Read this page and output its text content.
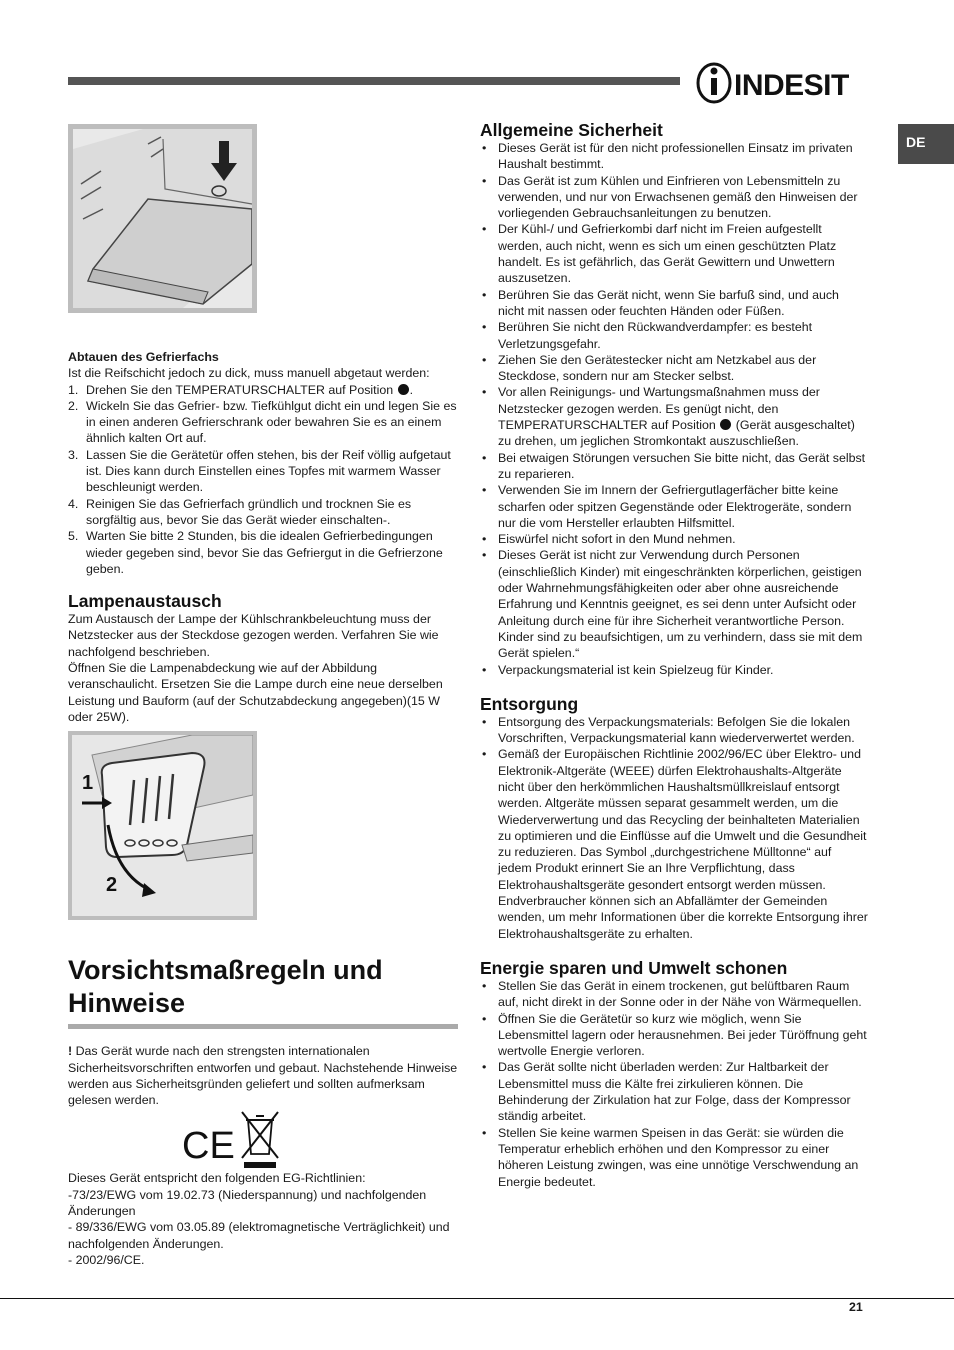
INDESIT
DE
Abtauen des Gefrierfachs
Ist die Reifschicht jedoch zu dick, muss manuell abgetaut werden:
1. Drehen Sie den TEMPERATURSCHALTER auf Position .
2. Wickeln Sie das Gefrier- bzw. Tiefkühlgut dicht ein und legen Sie es in einen anderen Gefrierschrank oder bewahren Sie es an einem ähnlich kalten Ort auf.
3. Lassen Sie die Gerätetür offen stehen, bis der Reif völlig aufgetaut ist. Dies kann durch Einstellen eines Topfes mit warmem Wasser beschleunigt werden.
4. Reinigen Sie das Gefrierfach gründlich und trocknen Sie es sorgfältig aus, bevor Sie das Gerät wieder einschalten-.
5. Warten Sie bitte 2 Stunden, bis die idealen Gefrierbedingungen wieder gegeben sind, bevor Sie das Gefriergut in die Gefrierzone geben.
Lampenaustausch
Zum Austausch der Lampe der Kühlschrankbeleuchtung muss der Netzstecker aus der Steckdose gezogen werden. Verfahren Sie wie nachfolgend beschrieben.
Öffnen Sie die Lampenabdeckung wie auf der Abbildung veranschaulicht. Ersetzen Sie die Lampe durch eine neue derselben Leistung und Bauform (auf der Schutzabdeckung angegeben)(15 W oder 25W).
1
2
Vorsichtsmaßregeln und
Hinweise
! Das Gerät wurde nach den strengsten internationalen Sicherheitsvorschriften entworfen und gebaut. Nachstehende Hinweise werden aus Sicherheitsgründen geliefert und sollten aufmerksam gelesen werden.
CE
Dieses Gerät entspricht den folgenden EG-Richtlinien:
-73/23/EWG vom 19.02.73 (Niederspannung) und nachfolgenden Änderungen
- 89/336/EWG vom 03.05.89 (elektromagnetische Verträglichkeit) und nachfolgenden Änderungen.
- 2002/96/CE.
Allgemeine Sicherheit
• Dieses Gerät ist für den nicht professionellen Einsatz im privaten Haushalt bestimmt.
• Das Gerät ist zum Kühlen und Einfrieren von Lebensmitteln zu verwenden, und nur von Erwachsenen gemäß den Hinweisen der vorliegenden Gebrauchsanleitungen zu benutzen.
• Der Kühl-/ und Gefrierkombi darf nicht im Freien aufgestellt werden, auch nicht, wenn es sich um einen geschützten Platz handelt. Es ist gefährlich, das Gerät Gewittern und Unwettern auszusetzen.
• Berühren Sie das Gerät nicht, wenn Sie barfuß sind, und auch nicht mit nassen oder feuchten Händen oder Füßen.
• Berühren Sie nicht den Rückwandverdampfer: es besteht Verletzungsgefahr.
• Ziehen Sie den Gerätestecker nicht am Netzkabel aus der Steckdose, sondern nur am Stecker selbst.
• Vor allen Reinigungs- und Wartungsmaßnahmen muss der Netzstecker gezogen werden. Es genügt nicht, den TEMPERATURSCHALTER auf Position  (Gerät ausgeschaltet) zu drehen, um jeglichen Stromkontakt auszuschließen.
• Bei etwaigen Störungen versuchen Sie bitte nicht, das Gerät selbst zu reparieren.
• Verwenden Sie im Innern der Gefriergutlagerfächer bitte keine scharfen oder spitzen Gegenstände oder Elektrogeräte, sondern nur die vom Hersteller erlaubten Hilfsmittel.
• Eiswürfel nicht sofort in den Mund nehmen.
• Dieses Gerät ist nicht zur Verwendung durch Personen (einschließlich Kinder) mit eingeschränkten körperlichen, geistigen oder Wahrnehmungsfähigkeiten oder aber ohne ausreichende Erfahrung und Kenntnis geeignet, es sei denn unter Aufsicht oder Anleitung durch eine für ihre Sicherheit verantwortliche Person. Kinder sind zu beaufsichtigen, um zu verhindern, dass sie mit dem Gerät spielen.“
• Verpackungsmaterial ist kein Spielzeug für Kinder.
Entsorgung
• Entsorgung des Verpackungsmaterials: Befolgen Sie die lokalen Vorschriften, Verpackungsmaterial kann wiederverwertet werden.
• Gemäß der Europäischen Richtlinie 2002/96/EC über Elektro- und Elektronik-Altgeräte (WEEE) dürfen Elektrohaushalts-Altgeräte nicht über den herkömmlichen Haushaltsmüllkreislauf entsorgt werden. Altgeräte müssen separat gesammelt werden, um die Wiederverwertung und das Recycling der beinhalteten Materialien zu optimieren und die Einflüsse auf die Umwelt und die Gesundheit zu reduzieren. Das Symbol „durchgestrichene Mülltonne“ auf jedem Produkt erinnert Sie an Ihre Verpflichtung, dass Elektrohaushaltsgeräte gesondert entsorgt werden müssen. Endverbraucher können sich an Abfallämter der Gemeinden wenden, um mehr Informationen über die korrekte Entsorgung ihrer Elektrohaushaltsgeräte zu erhalten.
Energie sparen und Umwelt schonen
• Stellen Sie das Gerät in einem trockenen, gut belüftbaren Raum auf, nicht direkt in der Sonne oder in der Nähe von Wärmequellen.
• Öffnen Sie die Gerätetür so kurz wie möglich, wenn Sie Lebensmittel lagern oder herausnehmen. Bei jeder Türöffnung geht wertvolle Energie verloren.
• Das Gerät sollte nicht überladen werden: Zur Haltbarkeit der Lebensmittel muss die Kälte frei zirkulieren können. Die Behinderung der Zirkulation hat zur Folge, dass der Kompressor ständig arbeitet.
• Stellen Sie keine warmen Speisen in das Gerät: sie würden die Temperatur erheblich erhöhen und den Kompressor zu einer höheren Leistung zwingen, was eine unnötige Verschwendung an Energie bedeutet.
21
